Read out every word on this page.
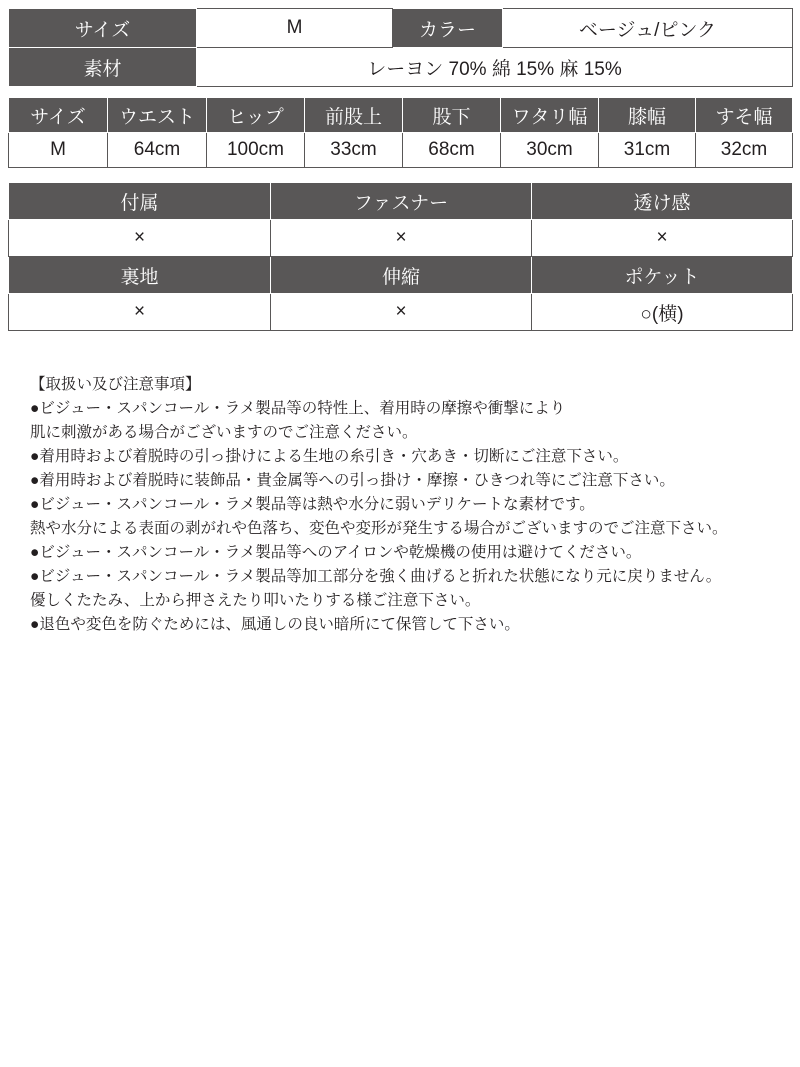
サイズ	M	カラー	ベージュ/ピンク
素材	レーヨン 70% 綿 15% 麻 15%		
サイズ	ウエスト	ヒップ	前股上	股下	ワタリ幅	膝幅	すそ幅
M	64cm	100cm	33cm	68cm	30cm	31cm	32cm
付属	ファスナー	透け感
×	×	×
裏地	伸縮	ポケット
×	×	○(横)

【取扱い及び注意事項】

●ビジュー・スパンコール・ラメ製品等の特性上、着用時の摩擦や衝撃により

肌に刺激がある場合がございますのでご注意ください。

●着用時および着脱時の引っ掛けによる生地の糸引き・穴あき・切断にご注意下さい。

●着用時および着脱時に装飾品・貴金属等への引っ掛け・摩擦・ひきつれ等にご注意下さい。

●ビジュー・スパンコール・ラメ製品等は熱や水分に弱いデリケートな素材です。

熱や水分による表面の剥がれや色落ち、変色や変形が発生する場合がございますのでご注意下さい。

●ビジュー・スパンコール・ラメ製品等へのアイロンや乾燥機の使用は避けてください。

●ビジュー・スパンコール・ラメ製品等加工部分を強く曲げると折れた状態になり元に戻りません。

優しくたたみ、上から押さえたり叩いたりする様ご注意下さい。

●退色や変色を防ぐためには、風通しの良い暗所にて保管して下さい。
